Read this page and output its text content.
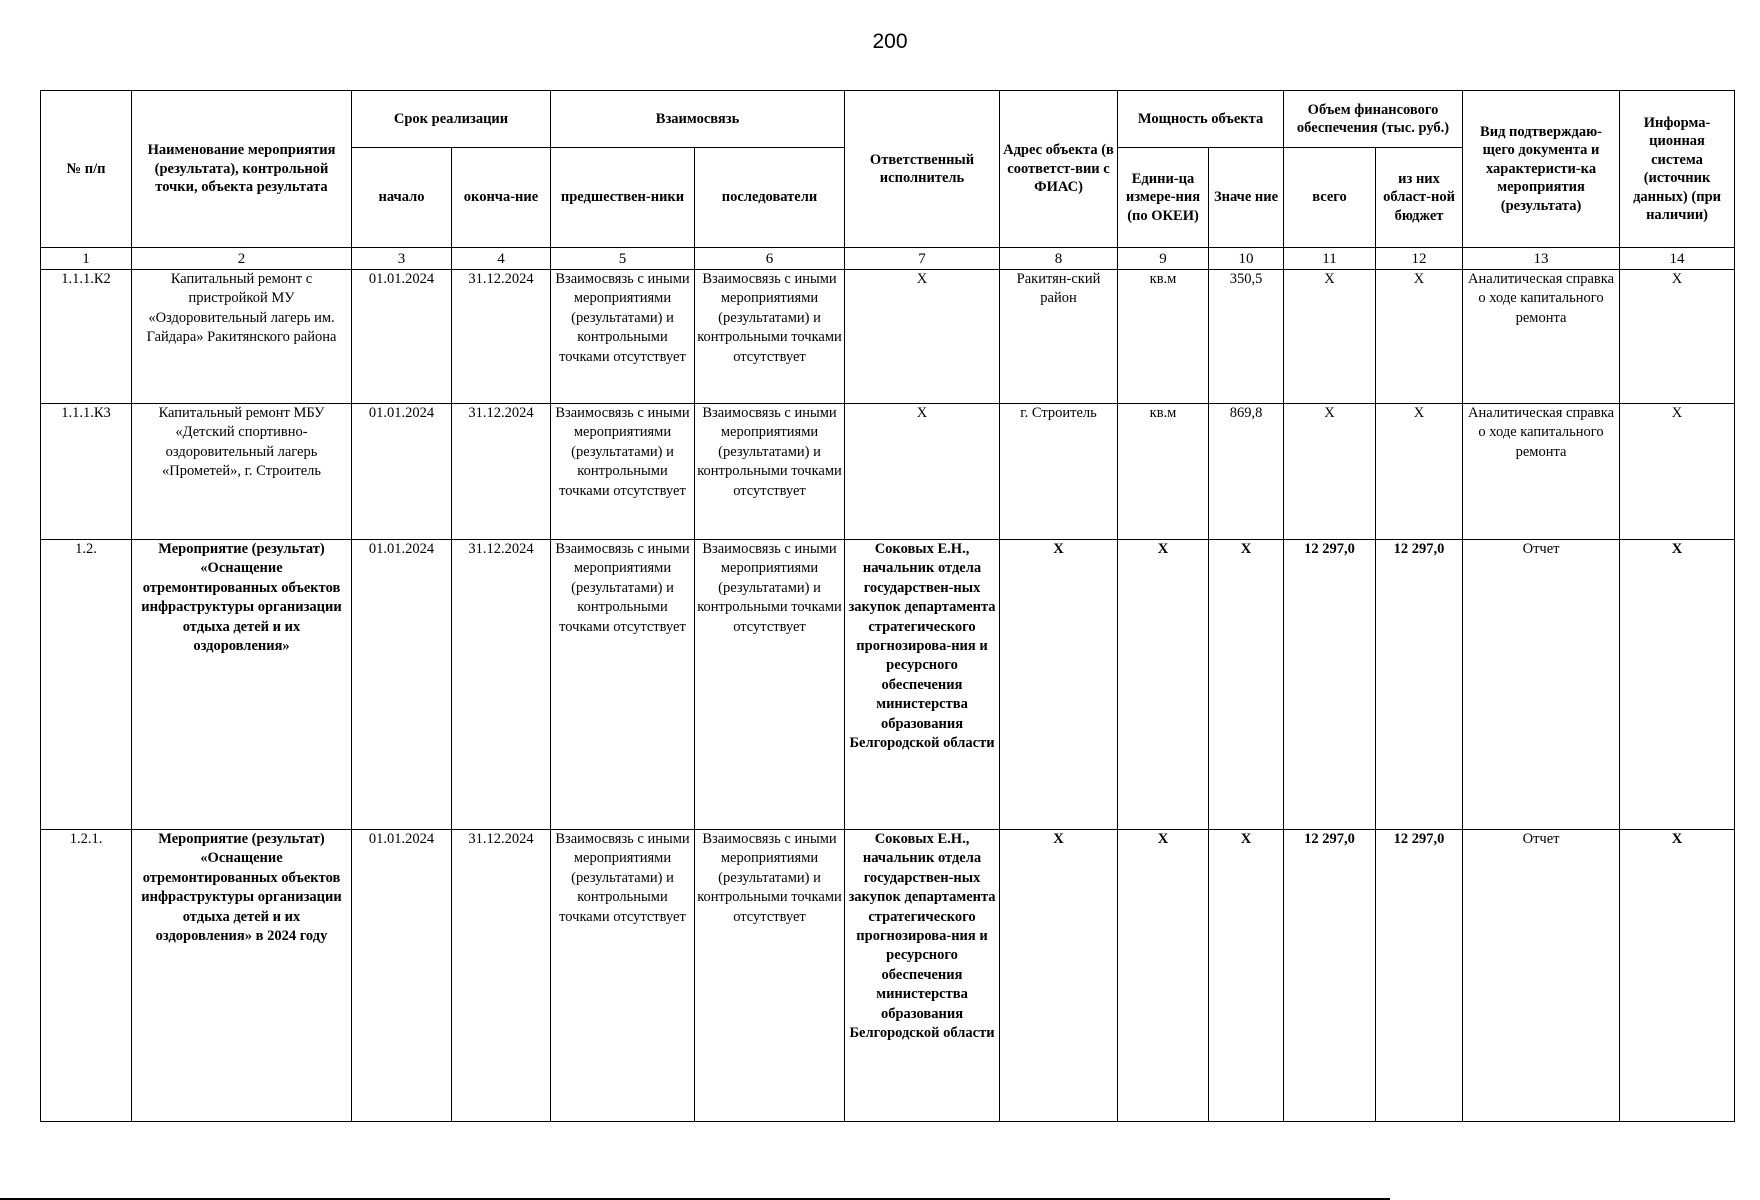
200
№ п/п	Наименование мероприятия (результата), контрольной точки, объекта результата	Срок реализации		Взаимосвязь		Ответственный исполнитель	Адрес объекта (в соответст-вии с ФИАС)	Мощность объекта		Объем финансового обеспечения (тыс. руб.)		Вид подтверждаю-щего документа и характеристи-ка мероприятия (результата)	Информа-ционная система (источник данных) (при наличии)
		начало	оконча-ние	предшествен-ники	последователи			Едини-ца измере-ния (по ОКЕИ)	Значе ние	всего	из них област-ной бюджет		
1	2	3	4	5	6	7	8	9	10	11	12	13	14
1.1.1.К2	Капитальный ремонт с пристройкой МУ «Оздоровительный лагерь им. Гайдара» Ракитянского района	01.01.2024	31.12.2024	Взаимосвязь с иными мероприятиями (результатами) и контрольными точками отсутствует	Взаимосвязь с иными мероприятиями (результатами) и контрольными точками отсутствует	Х	Ракитян-ский район	кв.м	350,5	Х	Х	Аналитическая справка о ходе капитального ремонта	Х
1.1.1.К3	Капитальный ремонт МБУ «Детский спортивно-оздоровительный лагерь «Прометей», г. Строитель	01.01.2024	31.12.2024	Взаимосвязь с иными мероприятиями (результатами) и контрольными точками отсутствует	Взаимосвязь с иными мероприятиями (результатами) и контрольными точками отсутствует	Х	г. Строитель	кв.м	869,8	Х	Х	Аналитическая справка о ходе капитального ремонта	Х
1.2.	Мероприятие (результат) «Оснащение отремонтированных объектов инфраструктуры организации отдыха детей и их оздоровления»	01.01.2024	31.12.2024	Взаимосвязь с иными мероприятиями (результатами) и контрольными точками отсутствует	Взаимосвязь с иными мероприятиями (результатами) и контрольными точками отсутствует	Соковых Е.Н., начальник отдела государствен-ных закупок департамента стратегического прогнозирова-ния и ресурсного обеспечения министерства образования Белгородской области	Х	Х	Х	12 297,0	12 297,0	Отчет	Х
1.2.1.	Мероприятие (результат) «Оснащение отремонтированных объектов инфраструктуры организации отдыха детей и их оздоровления» в 2024 году	01.01.2024	31.12.2024	Взаимосвязь с иными мероприятиями (результатами) и контрольными точками отсутствует	Взаимосвязь с иными мероприятиями (результатами) и контрольными точками отсутствует	Соковых Е.Н., начальник отдела государствен-ных закупок департамента стратегического прогнозирова-ния и ресурсного обеспечения министерства образования Белгородской области	Х	Х	Х	12 297,0	12 297,0	Отчет	Х
